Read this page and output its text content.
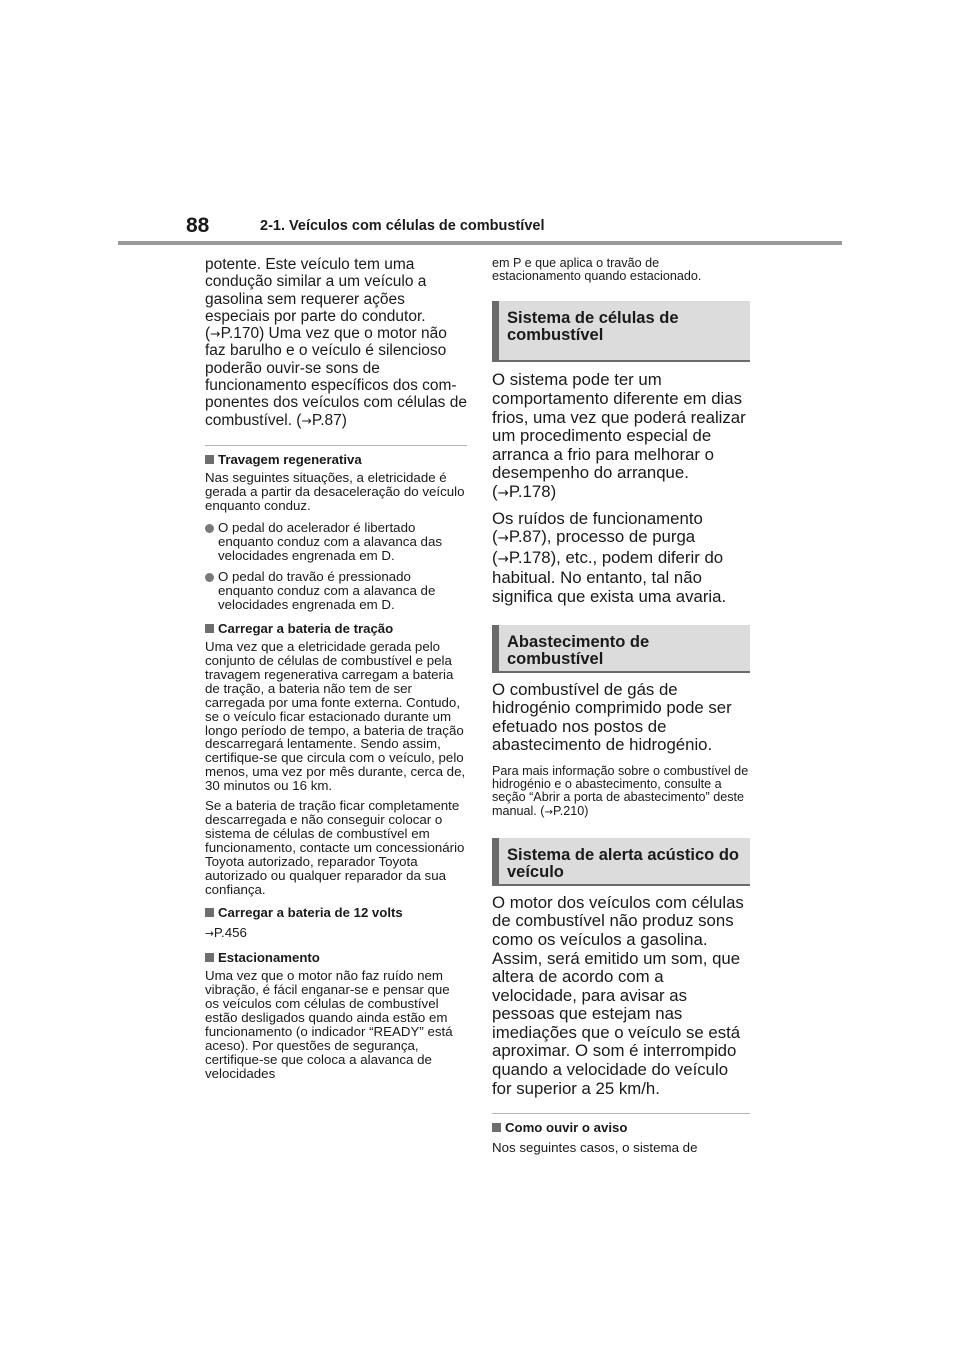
88	2-1. Veículos com células de combustível

potente. Este veículo tem uma condução similar a um veículo a gasolina sem requerer ações especiais por parte do condutor. (→P.170) Uma vez que o motor não faz barulho e o veículo é silencioso poderão ouvir-se sons de funcionamento específicos dos com-ponentes dos veículos com células de combustível. (→P.87)

Travagem regenerativa

Nas seguintes situações, a eletricidade é gerada a partir da desaceleração do veículo enquanto conduz.

O pedal do acelerador é libertado enquanto conduz com a alavanca das velocidades engrenada em D.

O pedal do travão é pressionado enquanto conduz com a alavanca de velocidades engrenada em D.

Carregar a bateria de tração

Uma vez que a eletricidade gerada pelo conjunto de células de combustível e pela travagem regenerativa carregam a bateria de tração, a bateria não tem de ser carregada por uma fonte externa. Contudo, se o veículo ficar estacionado durante um longo período de tempo, a bateria de tração descarregará lentamente. Sendo assim, certifique-se que circula com o veículo, pelo menos, uma vez por mês durante, cerca de, 30 minutos ou 16 km.

Se a bateria de tração ficar completamente descarregada e não conseguir colocar o sistema de células de combustível em funcionamento, contacte um concessionário Toyota autorizado, reparador Toyota autorizado ou qualquer reparador da sua confiança.

Carregar a bateria de 12 volts

→P.456

Estacionamento

Uma vez que o motor não faz ruído nem vibração, é fácil enganar-se e pensar que os veículos com células de combustível estão desligados quando ainda estão em funcionamento (o indicador “READY” está aceso). Por questões de segurança, certifique-se que coloca a alavanca de velocidades

em P e que aplica o travão de estacionamento quando estacionado.

Sistema de células de combustível

O sistema pode ter um comportamento diferente em dias frios, uma vez que poderá realizar um procedimento especial de arranca a frio para melhorar o desempenho do arranque. (→P.178)

Os ruídos de funcionamento (→P.87), processo de purga (→P.178), etc., podem diferir do habitual. No entanto, tal não significa que exista uma avaria.

Abastecimento de combustível

O combustível de gás de hidrogénio comprimido pode ser efetuado nos postos de abastecimento de hidrogénio.

Para mais informação sobre o combustível de hidrogénio e o abastecimento, consulte a seção “Abrir a porta de abastecimento” deste manual. (→P.210)

Sistema de alerta acústico do veículo

O motor dos veículos com células de combustível não produz sons como os veículos a gasolina. Assim, será emitido um som, que altera de acordo com a velocidade, para avisar as pessoas que estejam nas imediações que o veículo se está aproximar. O som é interrompido quando a velocidade do veículo for superior a 25 km/h.

Como ouvir o aviso

Nos seguintes casos, o sistema de
